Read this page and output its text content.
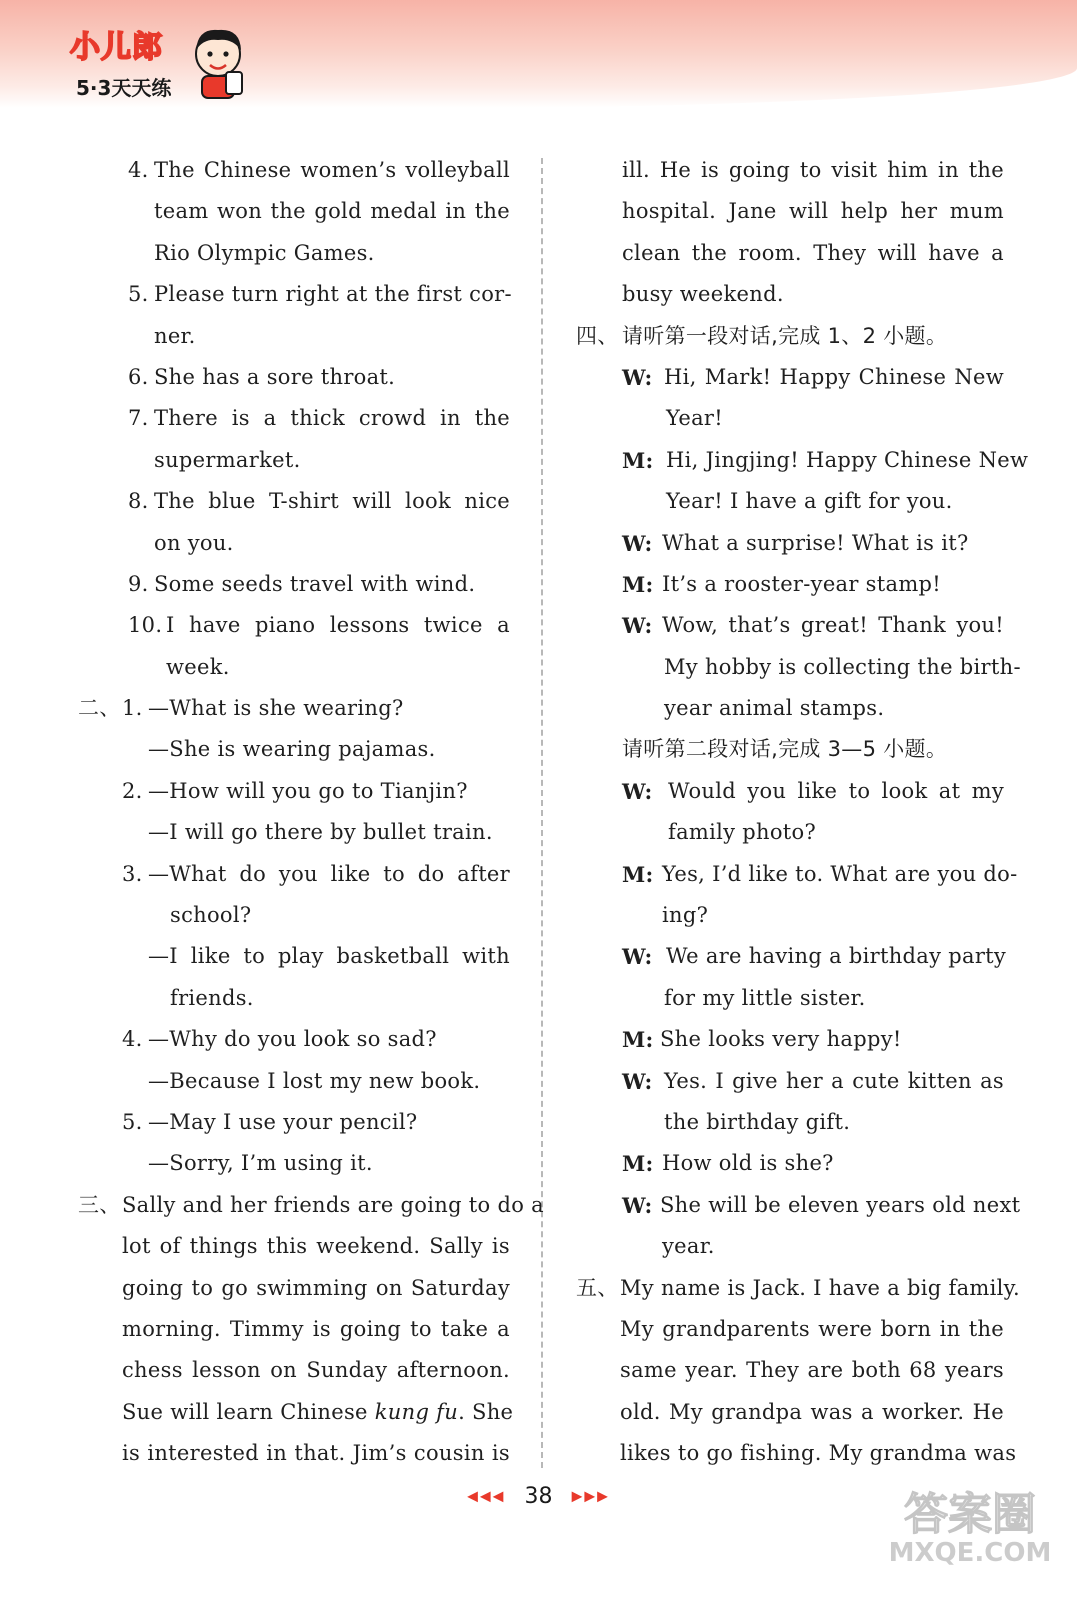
小儿郎
5·3天天练
4. The Chinese women’s volleyball
team won the gold medal in the
Rio Olympic Games.
5. Please turn right at the first cor-
ner.
6. She has a sore throat.
7. There is a thick crowd in the
supermarket.
8. The blue T-shirt will look nice
on you.
9. Some seeds travel with wind.
10. I have piano lessons twice a
week.
二、 1. —What is she wearing?
—She is wearing pajamas.
2. —How will you go to Tianjin?
—I will go there by bullet train.
3. —What do you like to do after
school?
—I like to play basketball with
friends.
4. —Why do you look so sad?
—Because I lost my new book.
5. —May I use your pencil?
—Sorry, I’m using it.
三、 Sally and her friends are going to do a
lot of things this weekend. Sally is
going to go swimming on Saturday
morning. Timmy is going to take a
chess lesson on Sunday afternoon.
Sue will learn Chinese kung fu. She
is interested in that. Jim’s cousin is
ill. He is going to visit him in the
hospital. Jane will help her mum
clean the room. They will have a
busy weekend.
四、 请听第一段对话,完成 1、2 小题。
W: Hi, Mark! Happy Chinese New
Year!
M: Hi, Jingjing! Happy Chinese New
Year! I have a gift for you.
W: What a surprise! What is it?
M: It’s a rooster-year stamp!
W: Wow, that’s great! Thank you!
My hobby is collecting the birth-
year animal stamps.
请听第二段对话,完成 3—5 小题。
W: Would you like to look at my
family photo?
M: Yes, I’d like to. What are you do-
ing?
W: We are having a birthday party
for my little sister.
M: She looks very happy!
W: Yes. I give her a cute kitten as
the birthday gift.
M: How old is she?
W: She will be eleven years old next
year.
五、 My name is Jack. I have a big family.
My grandparents were born in the
same year. They are both 68 years
old. My grandpa was a worker. He
likes to go fishing. My grandma was
◀◀◀ 38 ▶▶▶	答案圈
MXQE.COM
